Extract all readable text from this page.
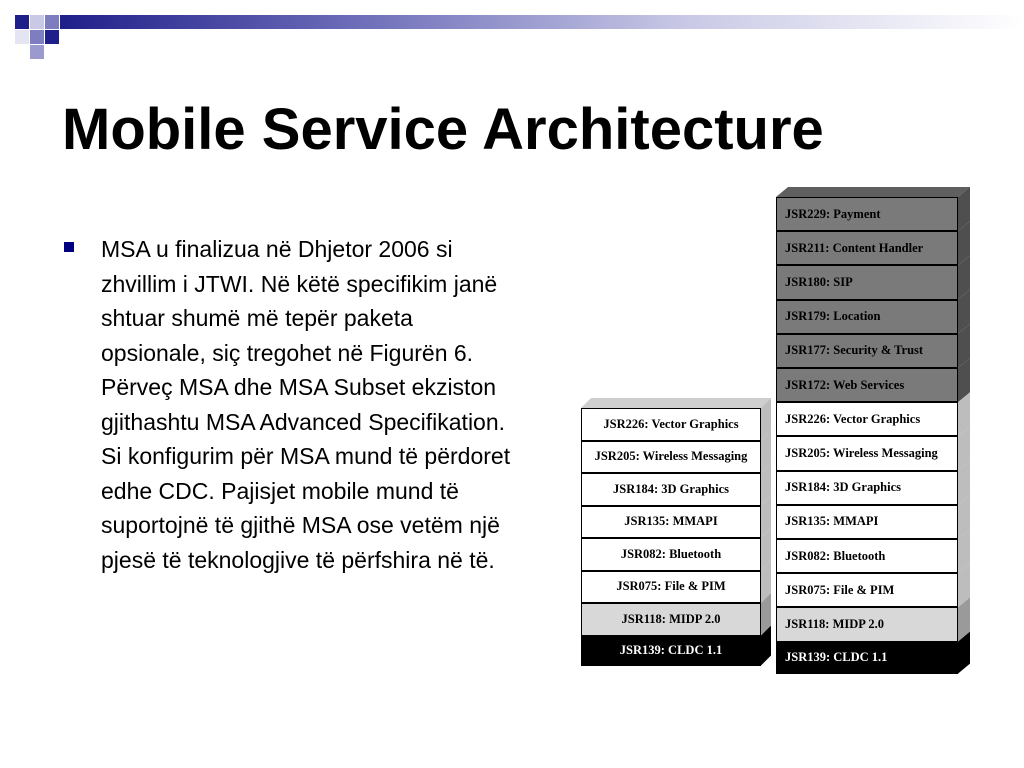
Mobile Service Architecture
MSA u finalizua në Dhjetor 2006 si zhvillim i JTWI. Në këtë specifikim janë shtuar shumë më tepër paketa opsionale, siç tregohet në Figurën 6. Përveç MSA dhe MSA Subset ekziston gjithashtu MSA Advanced Specifikation. Si konfigurim për MSA mund të përdoret edhe CDC. Pajisjet mobile mund të suportojnë të gjithë MSA ose vetëm një pjesë të teknologjive të përfshira në të.
JSR226: Vector Graphics
JSR205: Wireless Messaging
JSR184: 3D Graphics
JSR135: MMAPI
JSR082: Bluetooth
JSR075: File & PIM
JSR118: MIDP 2.0
JSR139: CLDC 1.1
JSR229: Payment
JSR211: Content Handler
JSR180: SIP
JSR179: Location
JSR177: Security & Trust
JSR172: Web Services
JSR226: Vector Graphics
JSR205: Wireless Messaging
JSR184: 3D Graphics
JSR135: MMAPI
JSR082: Bluetooth
JSR075: File & PIM
JSR118: MIDP 2.0
JSR139: CLDC 1.1
